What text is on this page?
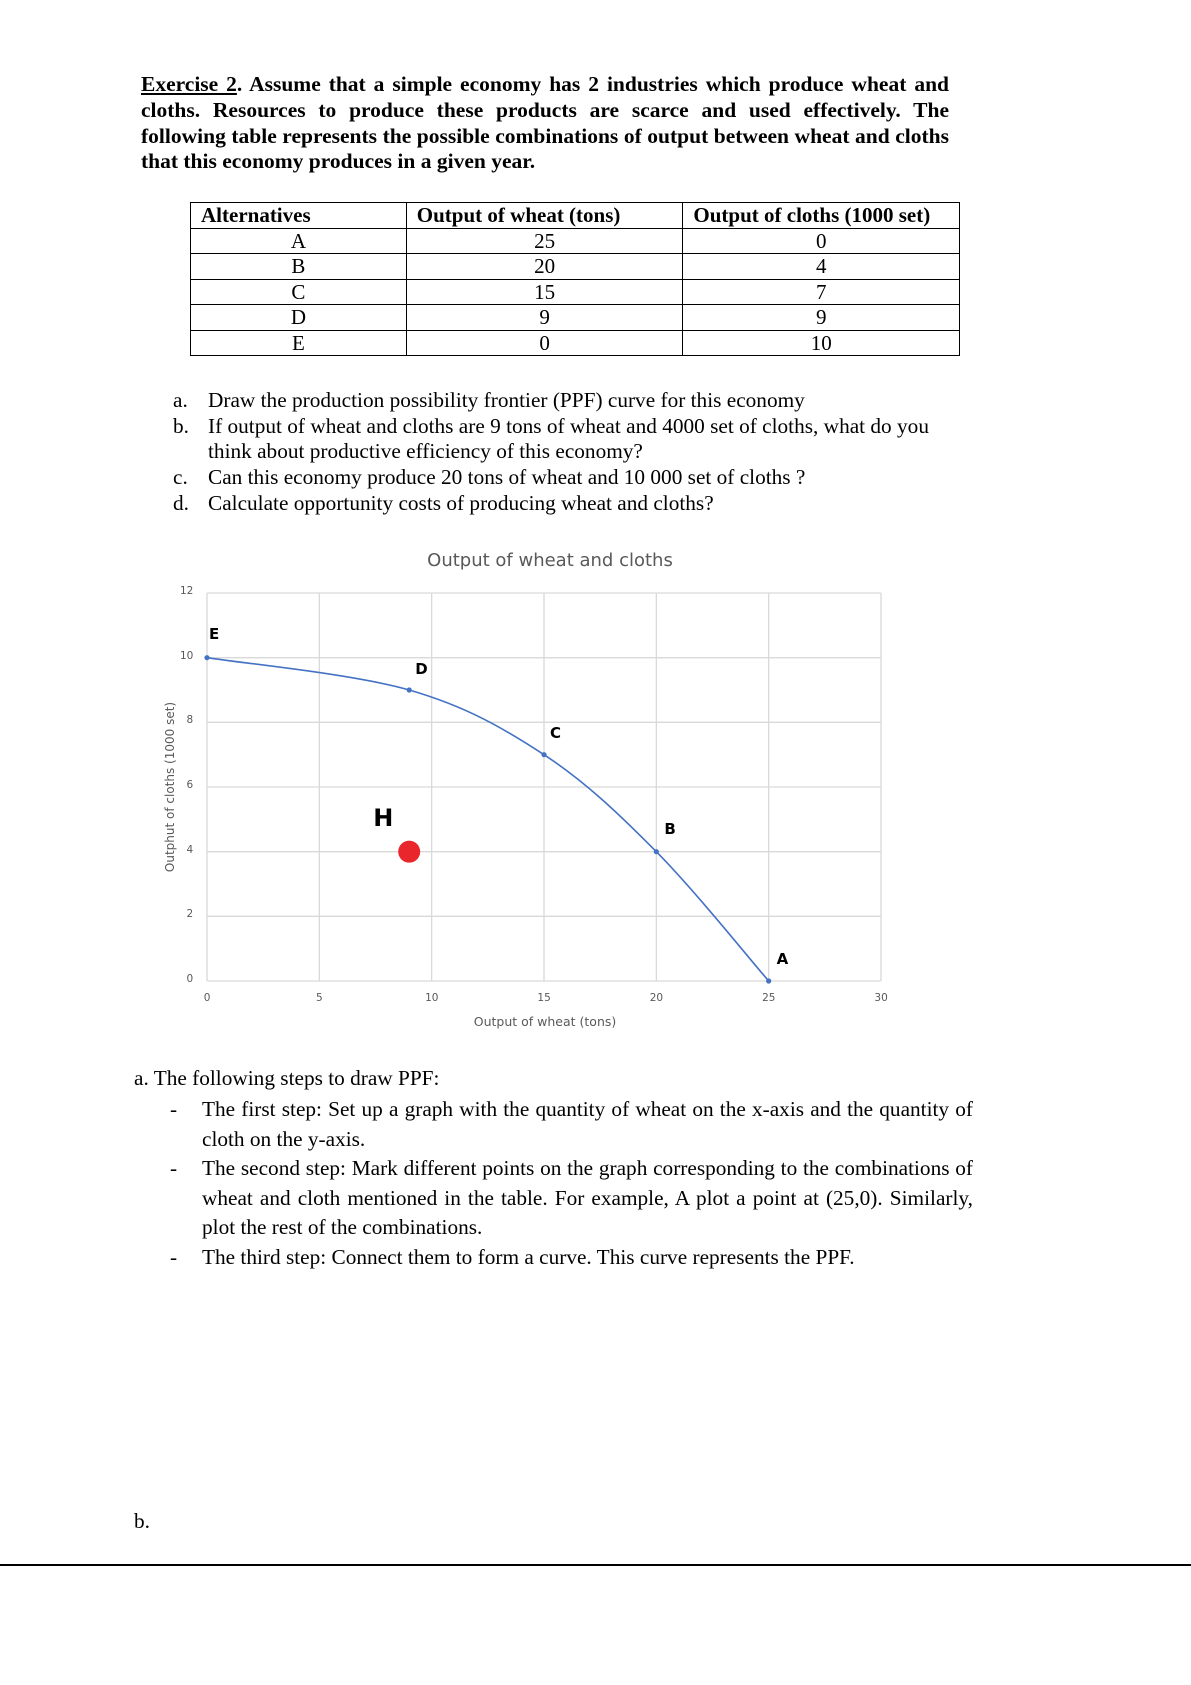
Exercise 2. Assume that a simple economy has 2 industries which produce wheat and cloths. Resources to produce these products are scarce and used effectively. The following table represents the possible combinations of output between wheat and cloths that this economy produces in a given year.
Alternatives	Output of wheat (tons)	Output of cloths (1000 set)
A	25	0
B	20	4
C	15	7
D	9	9
E	0	10
a. Draw the production possibility frontier (PPF) curve for this economy
b. If output of wheat and cloths are 9 tons of wheat and 4000 set of cloths, what do you think about productive efficiency of this economy?
c. Can this economy produce 20 tons of wheat and 10 000 set of cloths ?
d. Calculate opportunity costs of producing wheat and cloths?
Output of wheat and cloths
0
2
4
6
8
10
12
0	5	10	15	20	25	30
E
D
C
B
A
H
Outphut of cloths (1000 set)
Output of wheat (tons)
a. The following steps to draw PPF:
- The first step: Set up a graph with the quantity of wheat on the x-axis and the quantity of cloth on the y-axis.
- The second step: Mark different points on the graph corresponding to the combinations of wheat and cloth mentioned in the table. For example, A plot a point at (25,0). Similarly, plot the rest of the combinations.
- The third step: Connect them to form a curve. This curve represents the PPF.
b.
